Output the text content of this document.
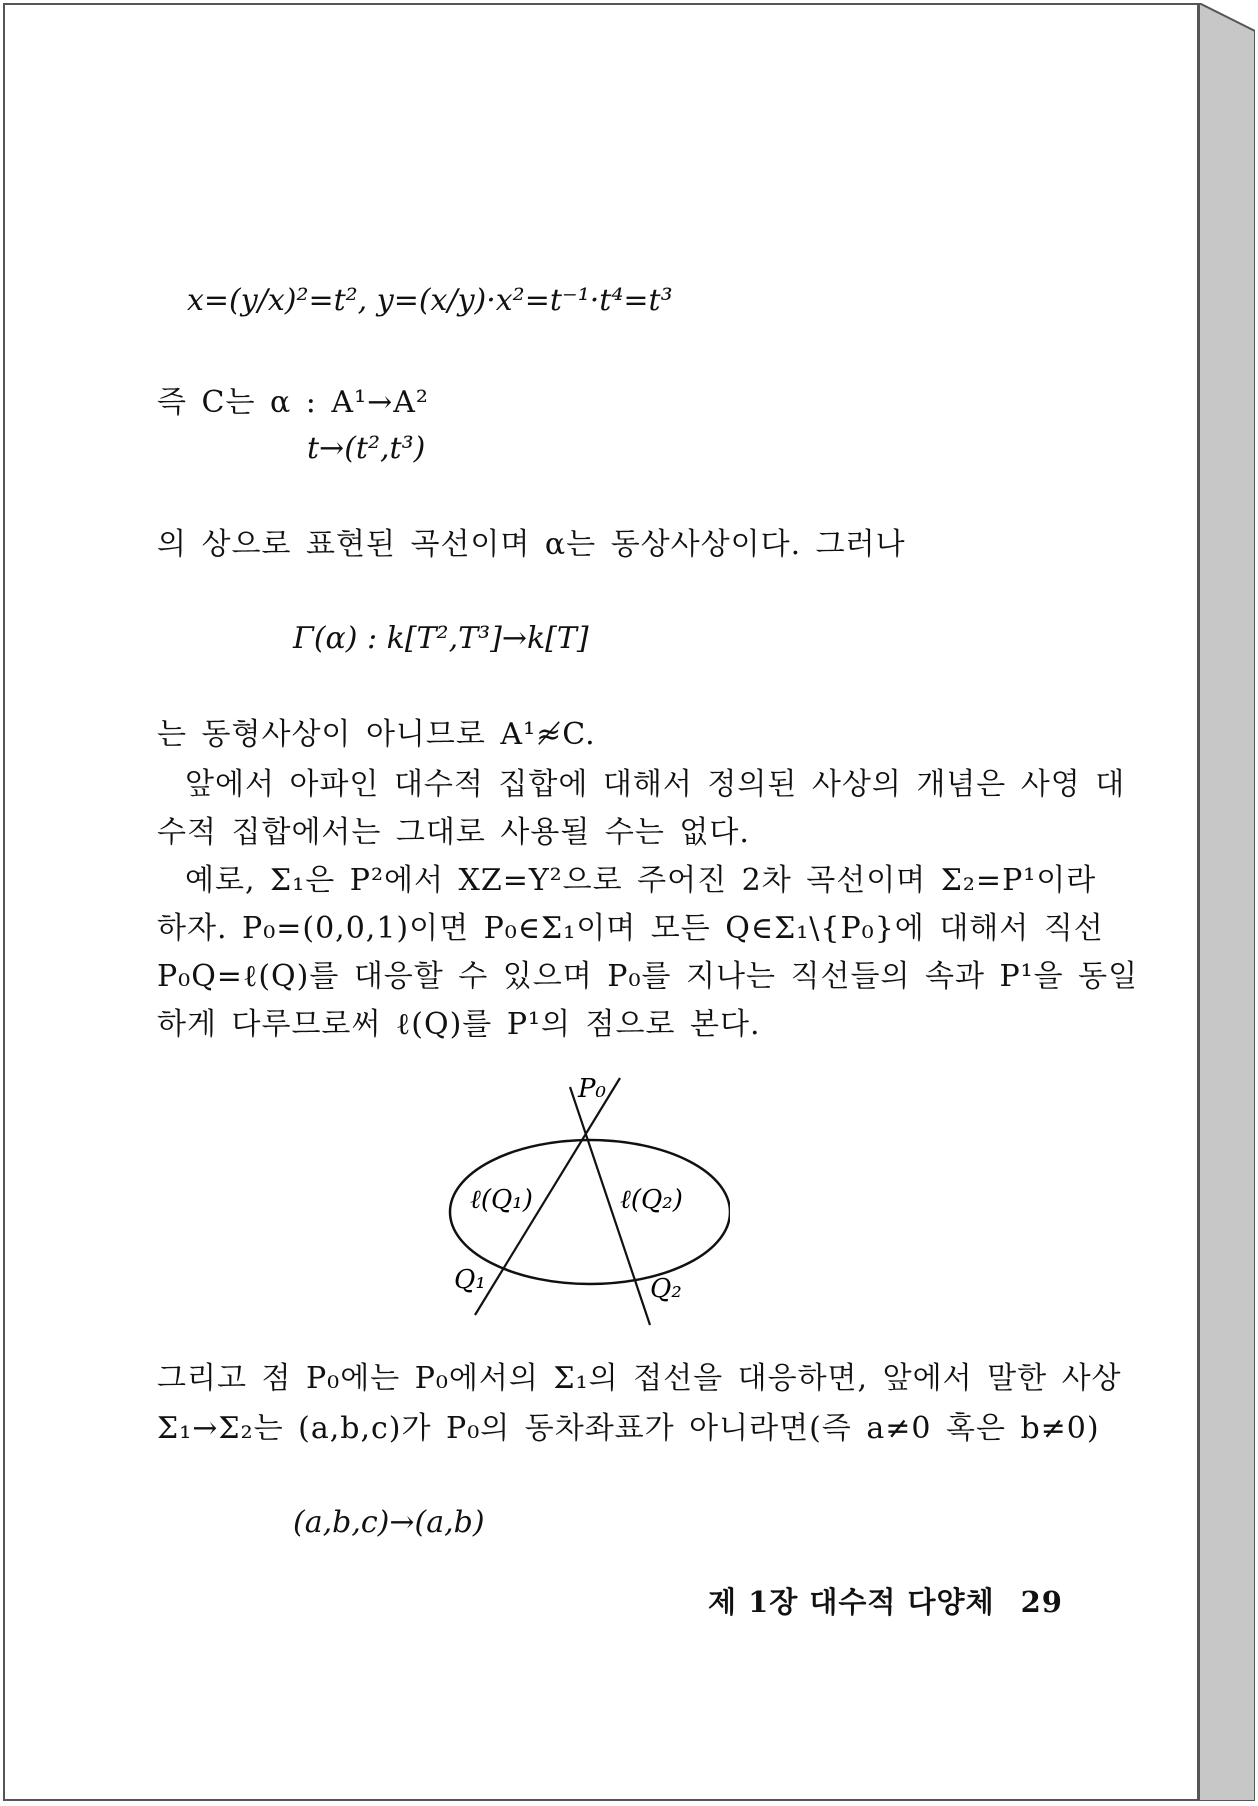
x=(y/x)²=t², y=(x/y)·x²=t⁻¹·t⁴=t³
즉 C는 α : A¹→A²
t→(t²,t³)
의 상으로 표현된 곡선이며 α는 동상사상이다. 그러나
Γ(α) : k[T²,T³]→k[T]
는 동형사상이 아니므로 A¹≉C.
앞에서 아파인 대수적 집합에 대해서 정의된 사상의 개념은 사영 대
수적 집합에서는 그대로 사용될 수는 없다.
예로, Σ₁은 P²에서 XZ=Y²으로 주어진 2차 곡선이며 Σ₂=P¹이라
하자. P₀=(0,0,1)이면 P₀∈Σ₁이며 모든 Q∈Σ₁\{P₀}에 대해서 직선
P₀Q=ℓ(Q)를 대응할 수 있으며 P₀를 지나는 직선들의 속과 P¹을 동일
하게 다루므로써 ℓ(Q)를 P¹의 점으로 본다.
P₀
ℓ(Q₁)	ℓ(Q₂)
Q₁	Q₂
그리고 점 P₀에는 P₀에서의 Σ₁의 접선을 대응하면, 앞에서 말한 사상
Σ₁→Σ₂는 (a,b,c)가 P₀의 동차좌표가 아니라면(즉 a≠0 혹은 b≠0)
(a,b,c)→(a,b)
제 1장 대수적 다양체 29
